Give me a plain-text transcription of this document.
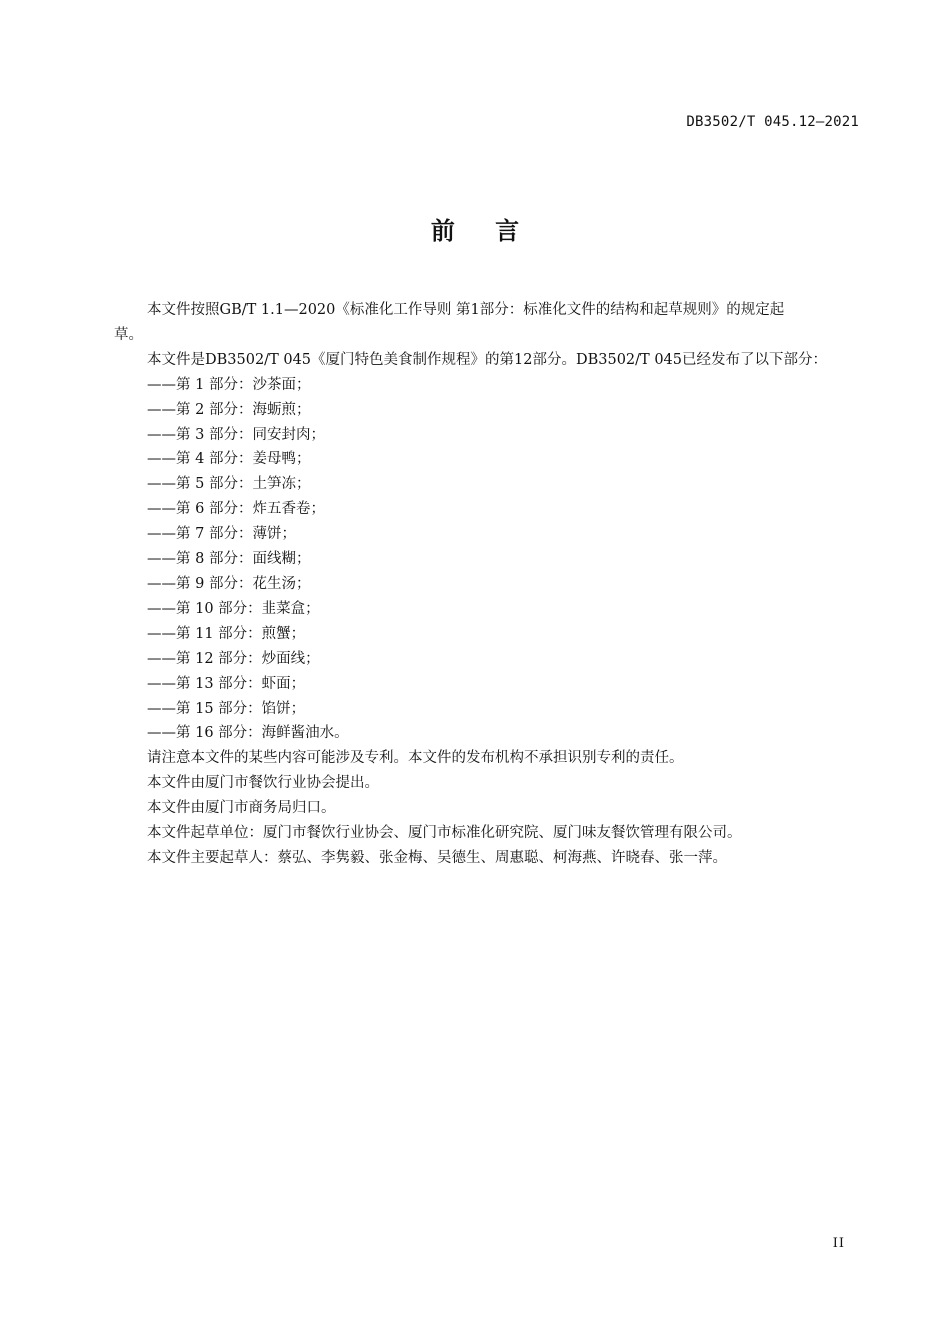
DB3502/T 045.12—2021
前 言

本文件按照GB/T 1.1—2020《标准化工作导则 第1部分：标准化文件的结构和起草规则》的规定起
草。

本文件是DB3502/T 045《厦门特色美食制作规程》的第12部分。DB3502/T 045已经发布了以下部分：

——第 1 部分：沙茶面；
——第 2 部分：海蛎煎；
——第 3 部分：同安封肉；
——第 4 部分：姜母鸭；
——第 5 部分：土笋冻；
——第 6 部分：炸五香卷；
——第 7 部分：薄饼；
——第 8 部分：面线糊；
——第 9 部分：花生汤；
——第 10 部分：韭菜盒；
——第 11 部分：煎蟹；
——第 12 部分：炒面线；
——第 13 部分：虾面；
——第 15 部分：馅饼；
——第 16 部分：海鲜酱油水。

请注意本文件的某些内容可能涉及专利。本文件的发布机构不承担识别专利的责任。

本文件由厦门市餐饮行业协会提出。

本文件由厦门市商务局归口。

本文件起草单位：厦门市餐饮行业协会、厦门市标准化研究院、厦门味友餐饮管理有限公司。

本文件主要起草人：蔡弘、李隽毅、张金梅、吴德生、周惠聪、柯海燕、许晓春、张一萍。

II
